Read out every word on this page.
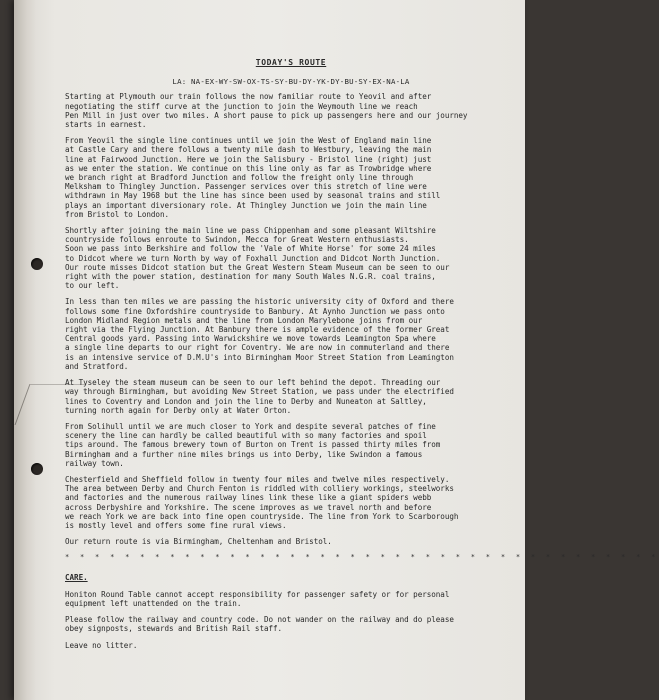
TODAY'S ROUTE
LA: NA-EX-WY-SW-OX-TS-SY-BU-DY-YK-DY-BU-SY-EX-NA-LA
Starting at Plymouth our train follows the now familiar route to Yeovil and after
negotiating the stiff curve at the junction to join the Weymouth line we reach
Pen Mill in just over two miles. A short pause to pick up passengers here and our journey
starts in earnest.
From Yeovil the single line continues until we join the West of England main line
at Castle Cary and there follows a twenty mile dash to Westbury, leaving the main
line at Fairwood Junction. Here we join the Salisbury - Bristol line (right) just
as we enter the station. We continue on this line only as far as Trowbridge where
we branch right at Bradford Junction and follow the freight only line through
Melksham to Thingley Junction. Passenger services over this stretch of line were
withdrawn in May 1968 but the line has since been used by seasonal trains and still
plays an important diversionary role. At Thingley Junction we join the main line
from Bristol to London.
Shortly after joining the main line we pass Chippenham and some pleasant Wiltshire
countryside follows enroute to Swindon, Mecca for Great Western enthusiasts.
Soon we pass into Berkshire and follow the 'Vale of White Horse' for some 24 miles
to Didcot where we turn North by way of Foxhall Junction and Didcot North Junction.
Our route misses Didcot station but the Great Western Steam Museum can be seen to our
right with the power station, destination for many South Wales N.G.R. coal trains,
to our left.
In less than ten miles we are passing the historic university city of Oxford and there
follows some fine Oxfordshire countryside to Banbury. At Aynho Junction we pass onto
London Midland Region metals and the line from London Marylebone joins from our
right via the Flying Junction. At Banbury there is ample evidence of the former Great
Central goods yard. Passing into Warwickshire we move towards Leamington Spa where
a single line departs to our right for Coventry. We are now in commuterland and there
is an intensive service of D.M.U's into Birmingham Moor Street Station from Leamington
and Stratford.
At Tyseley the steam museum can be seen to our left behind the depot. Threading our
way through Birmingham, but avoiding New Street Station, we pass under the electrified
lines to Coventry and London and join the line to Derby and Nuneaton at Saltley,
turning north again for Derby only at Water Orton.
From Solihull until we are much closer to York and despite several patches of fine
scenery the line can hardly be called beautiful with so many factories and spoil
tips around. The famous brewery town of Burton on Trent is passed thirty miles from
Birmingham and a further nine miles brings us into Derby, like Swindon a famous
railway town.
Chesterfield and Sheffield follow in twenty four miles and twelve miles respectively.
The area between Derby and Church Fenton is riddled with colliery workings, steelworks
and factories and the numerous railway lines link these like a giant spiders webb
across Derbyshire and Yorkshire. The scene improves as we travel north and before
we reach York we are back into fine open countryside. The line from York to Scarborough
is mostly level and offers some fine rural views.
Our return route is via Birmingham, Cheltenham and Bristol.
* * * * * * * * * * * * * * * * * * * * * * * * * * * * * * * * * * * * * * * *
CARE.
Honiton Round Table cannot accept responsibility for passenger safety or for personal
equipment left unattended on the train.
Please follow the railway and country code. Do not wander on the railway and do please
obey signposts, stewards and British Rail staff.
Leave no litter.
